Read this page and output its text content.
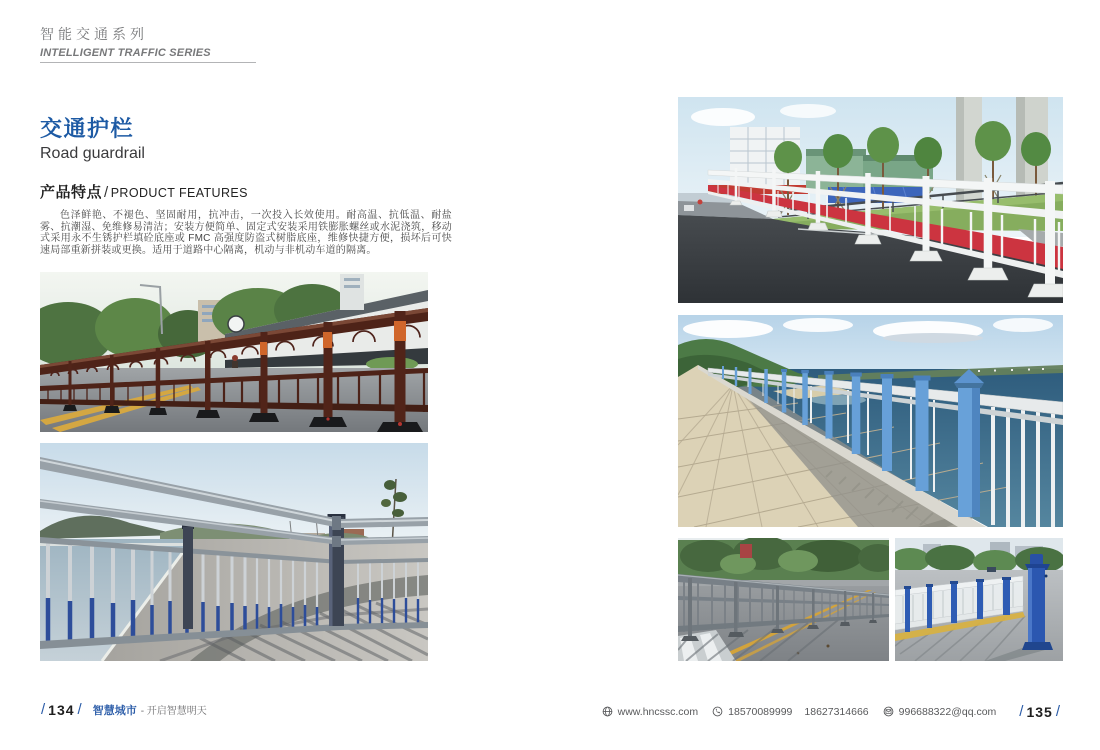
智能交通系列
INTELLIGENT TRAFFIC SERIES
交通护栏
Road guardrail
产品特点 / PRODUCT FEATURES

色泽鲜艳、不褪色、坚固耐用，抗冲击，一次投入长效使用。耐高温、抗低温、耐盐雾、抗潮湿、免维修易清洁；安装方便简单、固定式安装采用铁膨胀螺丝或水泥浇筑，移动式采用永不生锈护栏填砼底座或 FMC 高强度防盗式树脂底座，维修快捷方便，损坏后可快速局部重新拼装或更换。适用于道路中心隔离，机动与非机动车道的隔离。

/ 134 / 智慧城市 - 开启智慧明天	www.hncssc.com	18570089999 18627314666	996688322@qq.com / 135 /
